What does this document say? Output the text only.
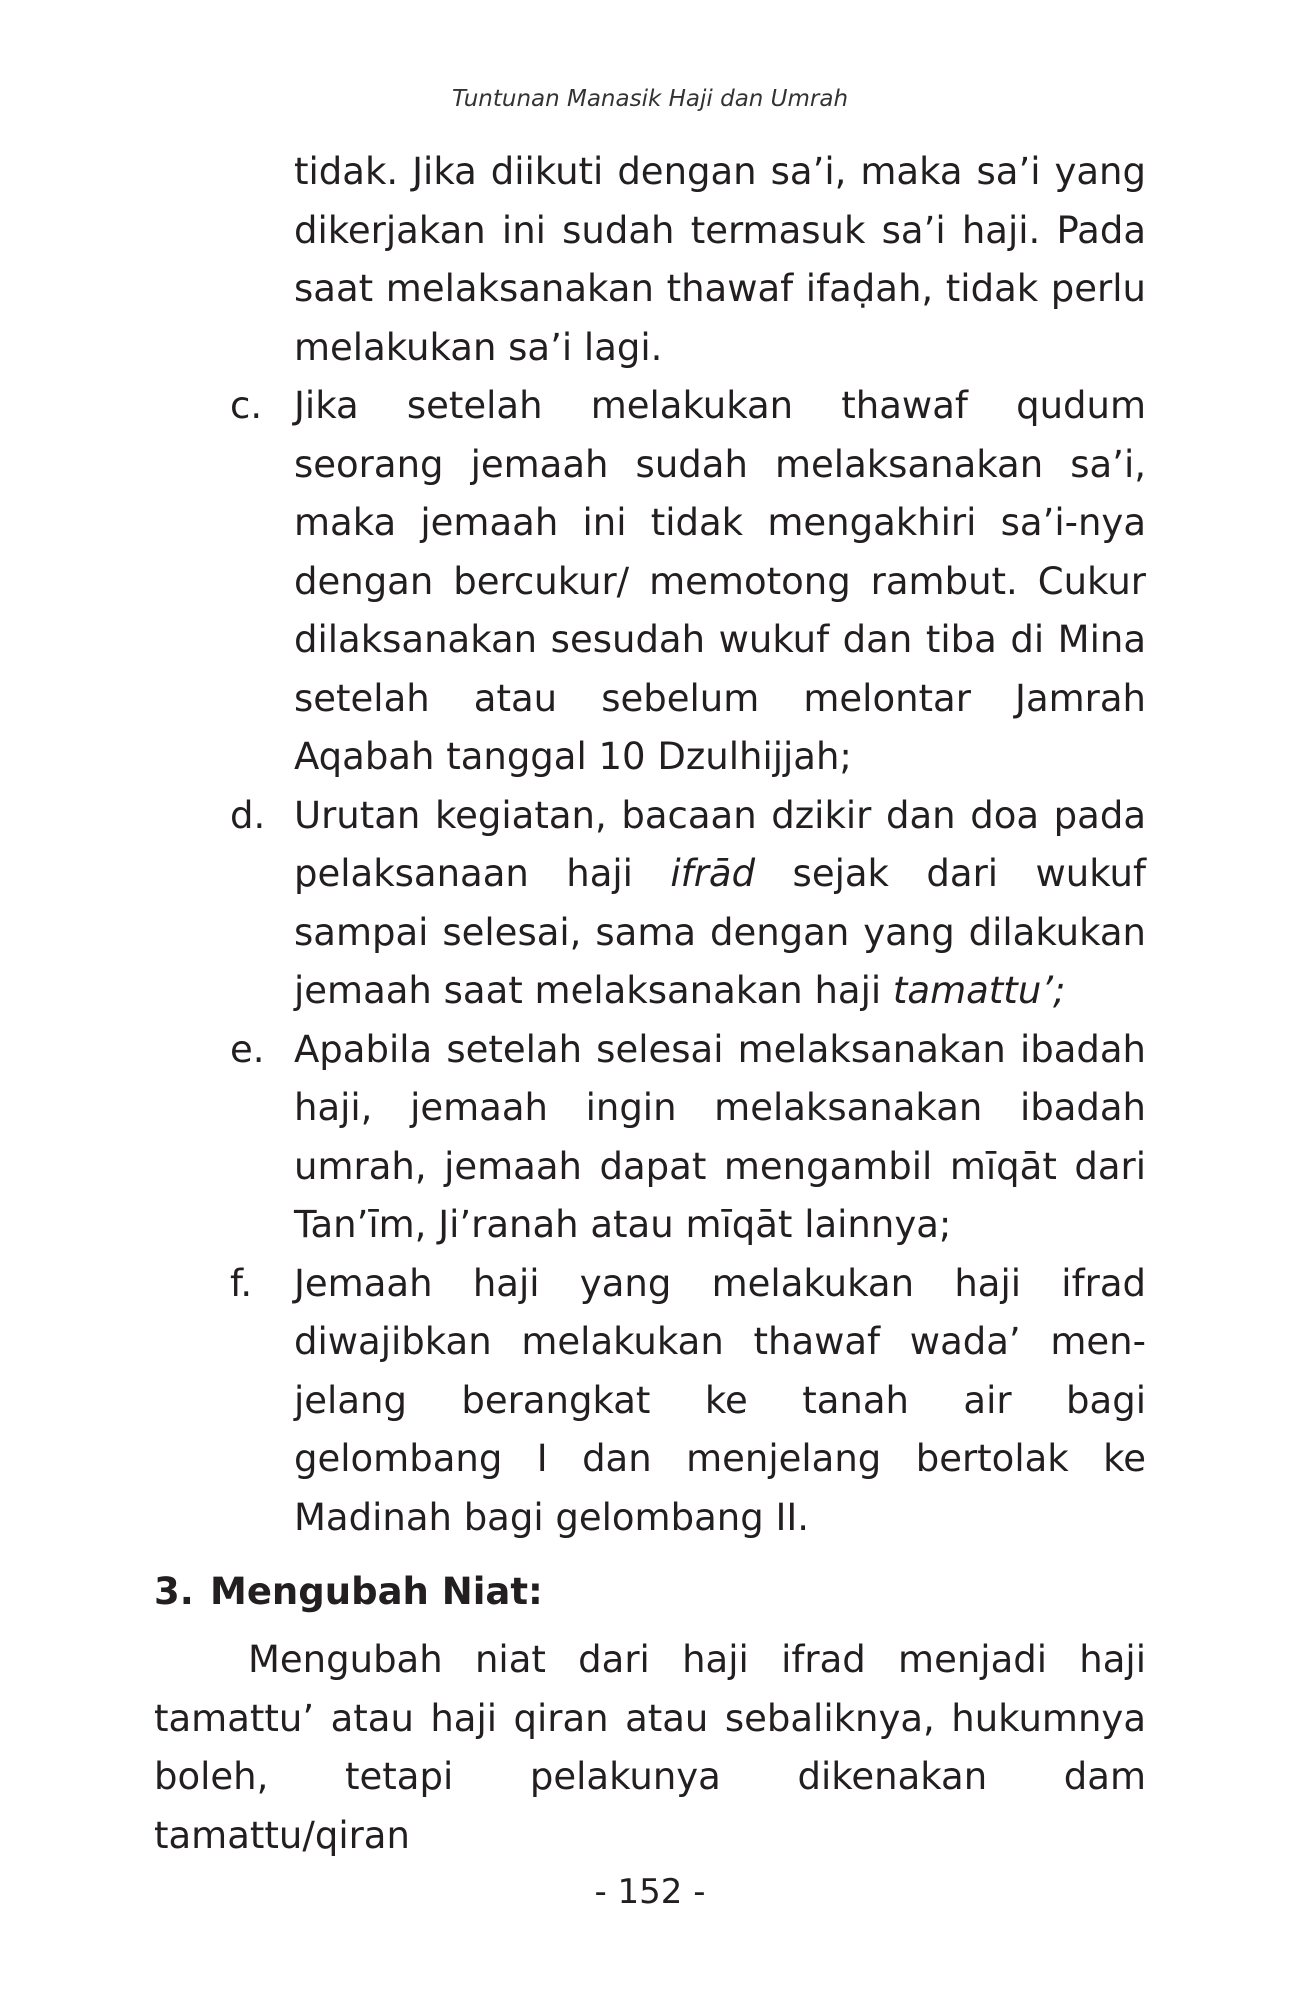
Tuntunan Manasik Haji dan Umrah

tidak. Jika diikuti dengan sa’i, maka sa’i yang dikerjakan ini sudah termasuk sa’i haji. Pada saat melaksanakan thawaf ifaḍah, tidak perlu melakukan sa’i lagi.

c. Jika setelah melakukan thawaf qudum seorang jemaah sudah melaksanakan sa’i, maka jemaah ini tidak mengakhiri sa’i-nya dengan bercukur/ memotong rambut. Cukur dilaksanakan sesudah wukuf dan tiba di Mina setelah atau sebelum melontar Jamrah Aqabah tanggal 10 Dzulhijjah;
d. Urutan kegiatan, bacaan dzikir dan doa pada pelaksanaan haji ifrād sejak dari wukuf sampai selesai, sama dengan yang dilakukan jemaah saat melaksanakan haji tamattu’;
e. Apabila setelah selesai melaksanakan ibadah haji, jemaah ingin melaksanakan ibadah umrah, jemaah dapat mengambil mīqāt dari Tan’īm, Ji’ranah atau mīqāt lainnya;
f.	Jemaah haji yang melakukan haji ifrad diwajibkan melakukan thawaf wada’ men-jelang berangkat ke tanah air bagi gelombang I dan menjelang bertolak ke Madinah bagi gelombang II.
3. Mengubah Niat:

Mengubah niat dari haji ifrad menjadi haji tamattu’ atau haji qiran atau sebaliknya, hukumnya boleh, tetapi pelakunya dikenakan dam tamattu/qiran

- 152 -
